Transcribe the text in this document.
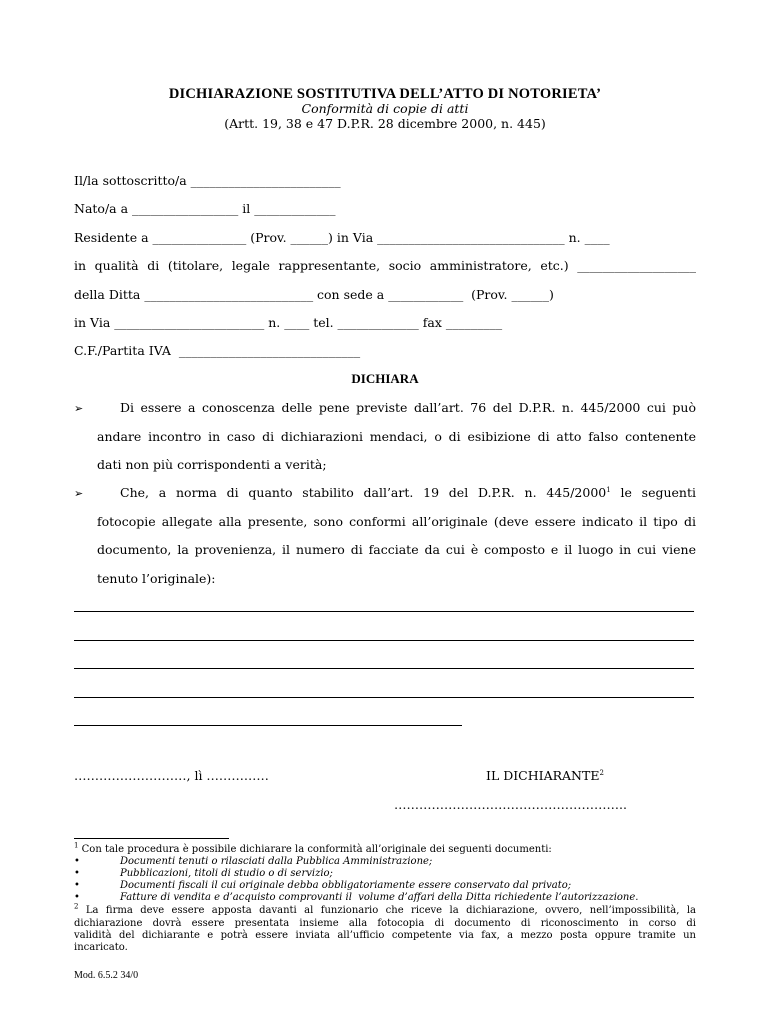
DICHIARAZIONE SOSTITUTIVA DELL’ATTO DI NOTORIETA’
Conformità di copie di atti
(Artt. 19, 38 e 47 D.P.R. 28 dicembre 2000, n. 445)
Il/la sottoscritto/a ________________________
Nato/a a _________________ il _____________
Residente a _______________ (Prov. ______) in Via ______________________________ n. ____
in qualità di (titolare, legale rappresentante, socio amministratore, etc.) ___________________
della Ditta ___________________________ con sede a ____________  (Prov. ______)
in Via ________________________ n. ____ tel. _____________ fax _________
C.F./Partita IVA  _____________________________
DICHIARA
➢	Di essere a conoscenza delle pene previste dall’art. 76 del D.P.R. n. 445/2000 cui può
andare incontro in caso di dichiarazioni mendaci, o di esibizione di atto falso contenente
dati non più corrispondenti a verità;
➢	Che, a norma di quanto stabilito dall’art. 19 del D.P.R. n. 445/2000$^1$ le seguenti
fotocopie allegate alla presente, sono conformi all’originale (deve essere indicato il tipo di
documento, la provenienza, il numero di facciate da cui è composto e il luogo in cui viene
tenuto l’originale):
………………………, lì ……………	IL DICHIARANTE$^2$
………………………………………………..
$^1$ Con tale procedura è possibile dichiarare la conformità all’originale dei seguenti documenti:
•	Documenti tenuti o rilasciati dalla Pubblica Amministrazione;
•	Pubblicazioni, titoli di studio o di servizio;
•	Documenti fiscali il cui originale debba obbligatoriamente essere conservato dal privato;
•	Fatture di vendita e d’acquisto comprovanti il  volume d’affari della Ditta richiedente l’autorizzazione.
$^2$ La firma deve essere apposta davanti al funzionario che riceve la dichiarazione, ovvero, nell’impossibilità, la
dichiarazione dovrà essere presentata insieme alla fotocopia di documento di riconoscimento in corso di
validità del dichiarante e potrà essere inviata all’ufficio competente via fax, a mezzo posta oppure tramite un
incaricato.
Mod. 6.5.2 34/0
